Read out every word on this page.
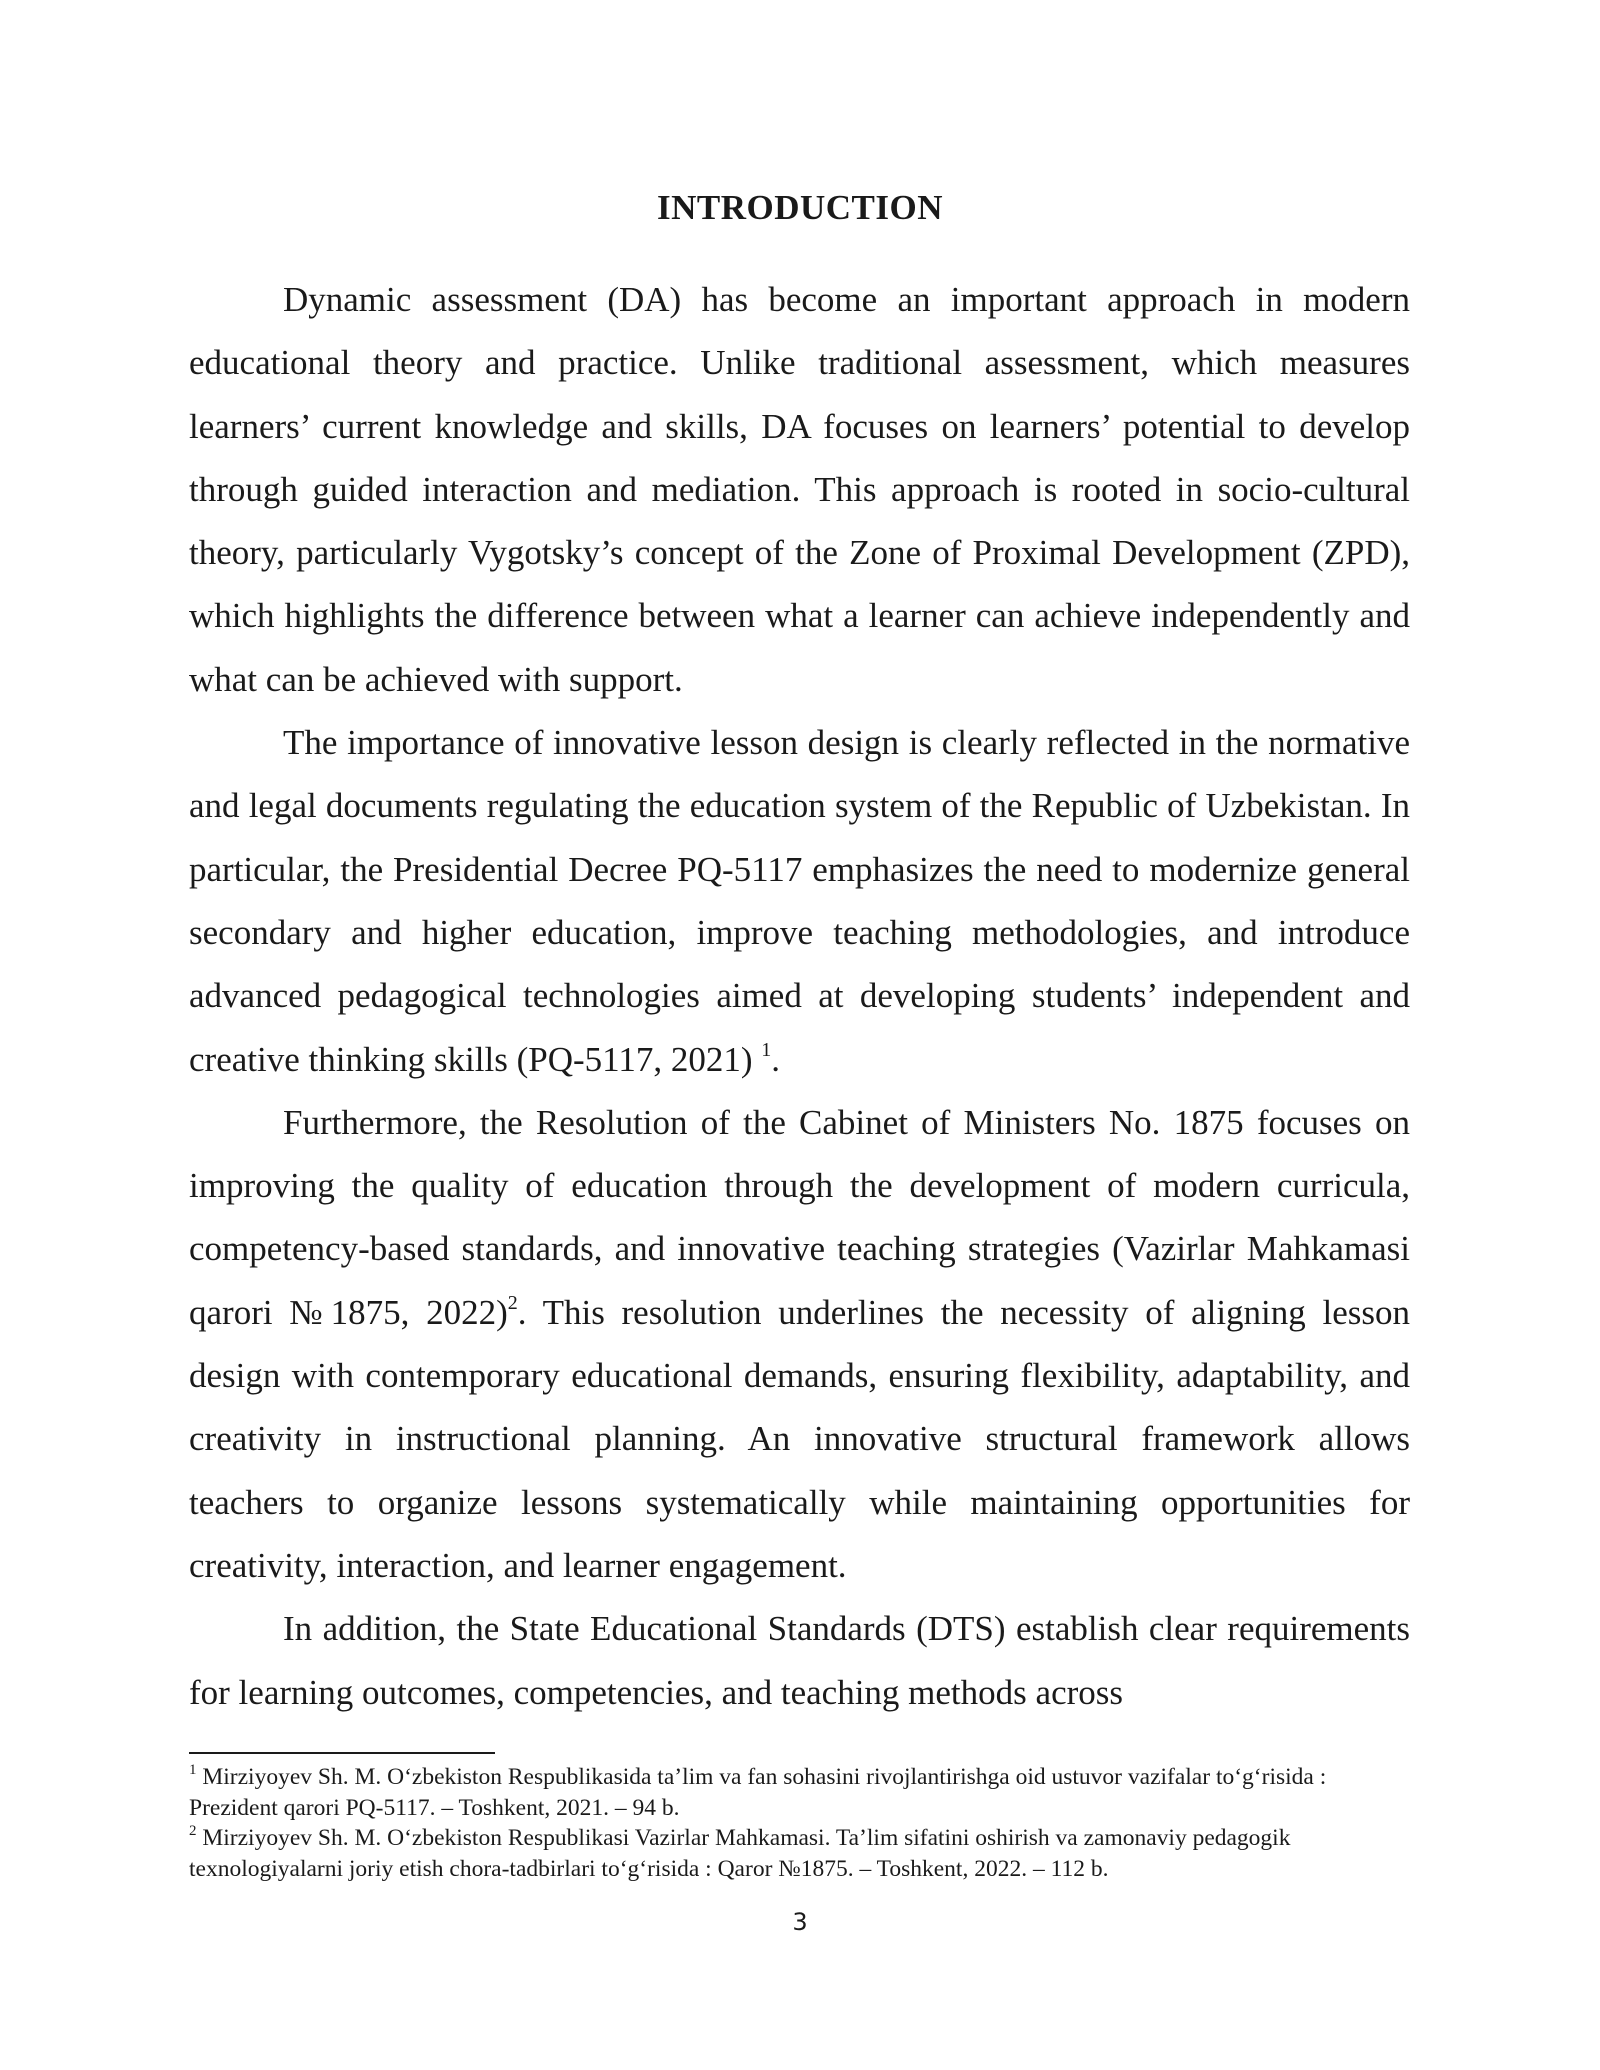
INTRODUCTION

Dynamic assessment (DA) has become an important approach in modern educational theory and practice. Unlike traditional assessment, which measures learners’ current knowledge and skills, DA focuses on learners’ potential to develop through guided interaction and mediation. This approach is rooted in socio-cultural theory, particularly Vygotsky’s concept of the Zone of Proximal Development (ZPD), which highlights the difference between what a learner can achieve independently and what can be achieved with support.

The importance of innovative lesson design is clearly reflected in the normative and legal documents regulating the education system of the Republic of Uzbekistan. In particular, the Presidential Decree PQ-5117 emphasizes the need to modernize general secondary and higher education, improve teaching methodologies, and introduce advanced pedagogical technologies aimed at developing students’ independent and creative thinking skills (PQ-5117, 2021) $^1$.

Furthermore, the Resolution of the Cabinet of Ministers No. 1875 focuses on improving the quality of education through the development of modern curricula, competency-based standards, and innovative teaching strategies (Vazirlar Mahkamasi qarori №1875, 2022)$^2$. This resolution underlines the necessity of aligning lesson design with contemporary educational demands, ensuring flexibility, adaptability, and creativity in instructional planning. An innovative structural framework allows teachers to organize lessons systematically while maintaining opportunities for creativity, interaction, and learner engagement.

In addition, the State Educational Standards (DTS) establish clear requirements for learning outcomes, competencies, and teaching methods across

$^1$ Mirziyoyev Sh. M. O‘zbekiston Respublikasida ta’lim va fan sohasini rivojlantirishga oid ustuvor vazifalar to‘g‘risida : Prezident qarori PQ-5117. – Toshkent, 2021. – 94 b.

$^2$ Mirziyoyev Sh. M. O‘zbekiston Respublikasi Vazirlar Mahkamasi. Ta’lim sifatini oshirish va zamonaviy pedagogik texnologiyalarni joriy etish chora-tadbirlari to‘g‘risida : Qaror №1875. – Toshkent, 2022. – 112 b.

3
